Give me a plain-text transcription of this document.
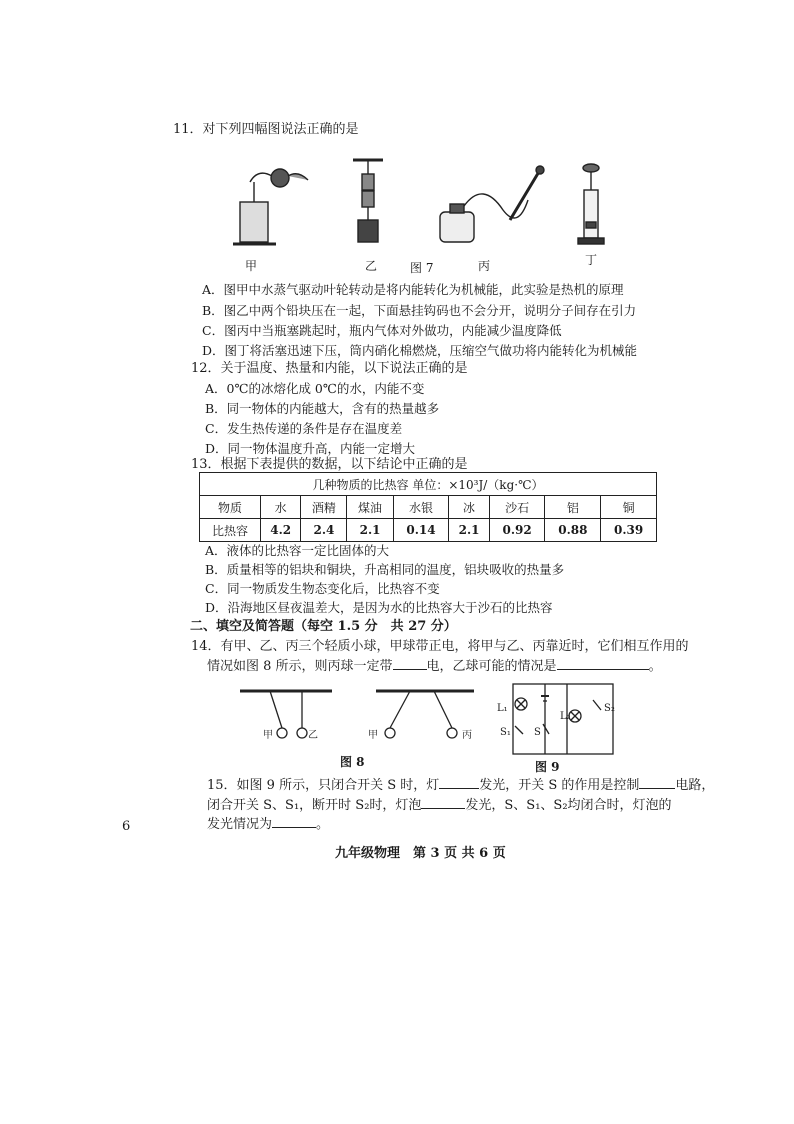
11．对下列四幅图说法正确的是
甲	乙	图 7	丙	丁
A．图甲中水蒸气驱动叶轮转动是将内能转化为机械能，此实验是热机的原理
B．图乙中两个铅块压在一起，下面悬挂钩码也不会分开，说明分子间存在引力
C．图丙中当瓶塞跳起时，瓶内气体对外做功，内能减少温度降低
D．图丁将活塞迅速下压，筒内硝化棉燃烧，压缩空气做功将内能转化为机械能
12．关于温度、热量和内能，以下说法正确的是
A．0℃的冰熔化成 0℃的水，内能不变
B．同一物体的内能越大，含有的热量越多
C．发生热传递的条件是存在温度差
D．同一物体温度升高，内能一定增大
13．根据下表提供的数据，以下结论中正确的是
几种物质的比热容 单位：×10³J/（kg·℃）								
物质	水	酒精	煤油	水银	冰	沙石	铝	铜
比热容	4.2	2.4	2.1	0.14	2.1	0.92	0.88	0.39
A．液体的比热容一定比固体的大
B．质量相等的铝块和铜块，升高相同的温度，铝块吸收的热量多
C．同一物质发生物态变化后，比热容不变
D．沿海地区昼夜温差大，是因为水的比热容大于沙石的比热容
二、填空及简答题（每空 1.5 分　共 27 分）
14．有甲、乙、丙三个轻质小球，甲球带正电，将甲与乙、丙靠近时，它们相互作用的
情况如图 8 所示，则丙球一定带	电，乙球可能的情况是	。
甲	乙	甲	丙
图 8
L₁
L₂
S₂
S₁ S
图 9
15．如图 9 所示，只闭合开关 S 时，灯	发光，开关 S 的作用是控制	电路，
闭合开关 S、S₁，断开时 S₂时，灯泡	发光，S、S₁、S₂均闭合时，灯泡的
发光情况为	。
6
九年级物理　第 3 页 共 6 页
